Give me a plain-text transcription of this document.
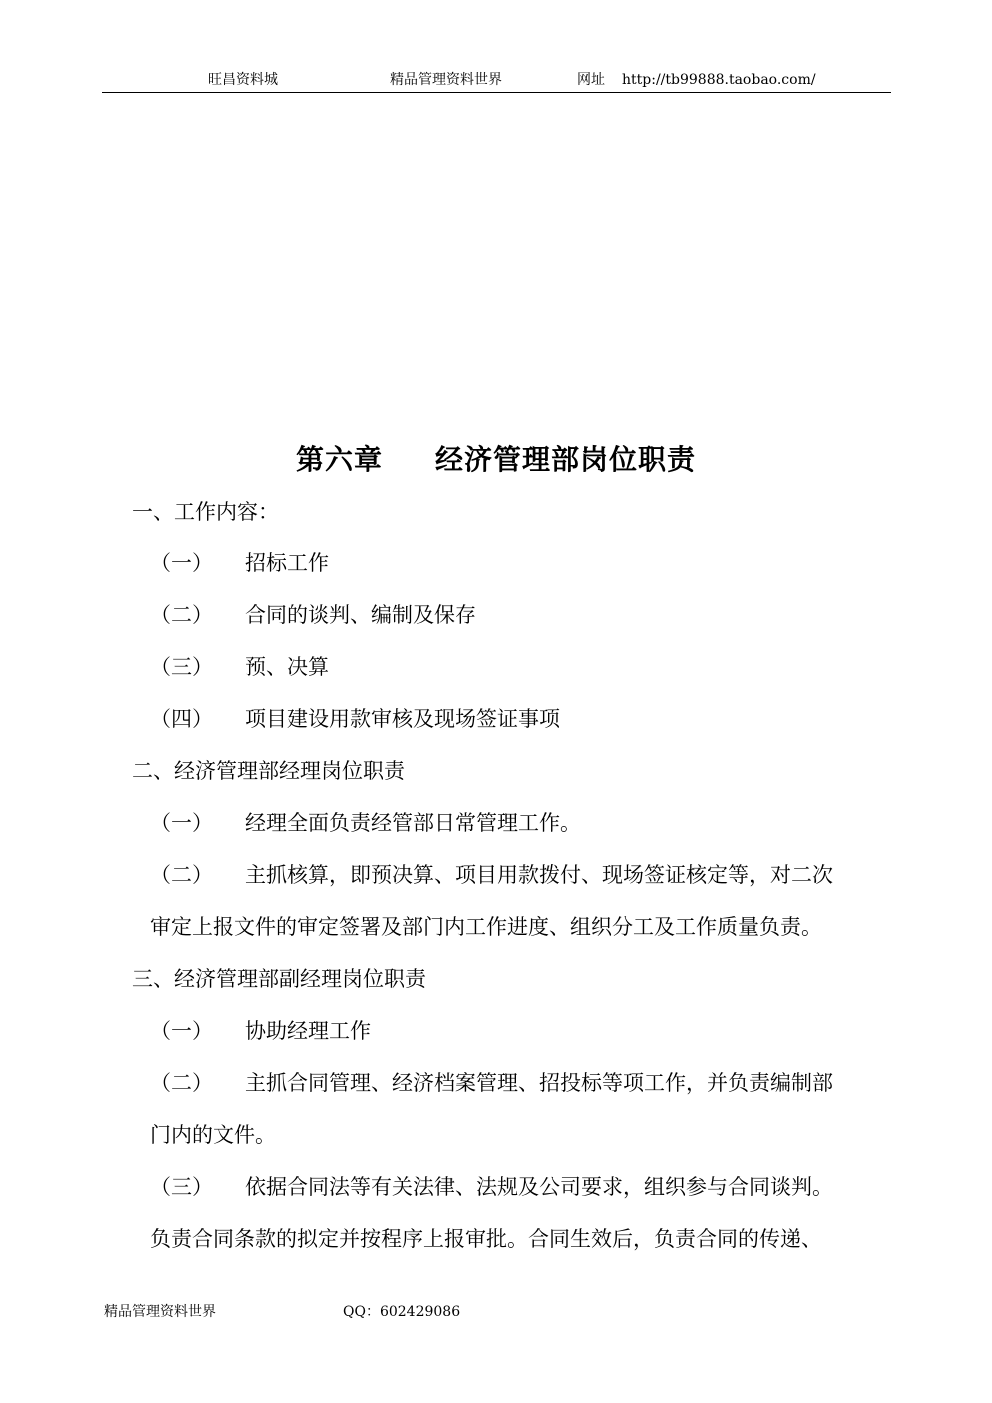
旺昌资料城	精品管理资料世界	网址 http://tb99888.taobao.com/
第六章 经济管理部岗位职责
一、工作内容：
（一） 招标工作
（二） 合同的谈判、编制及保存
（三） 预、决算
（四） 项目建设用款审核及现场签证事项
二、经济管理部经理岗位职责
（一） 经理全面负责经管部日常管理工作。
（二） 主抓核算，即预决算、项目用款拨付、现场签证核定等，对二次
审定上报文件的审定签署及部门内工作进度、组织分工及工作质量负责。
三、经济管理部副经理岗位职责
（一） 协助经理工作
（二） 主抓合同管理、经济档案管理、招投标等项工作，并负责编制部
门内的文件。
（三） 依据合同法等有关法律、法规及公司要求，组织参与合同谈判。
负责合同条款的拟定并按程序上报审批。合同生效后，负责合同的传递、
精品管理资料世界	QQ：602429086
